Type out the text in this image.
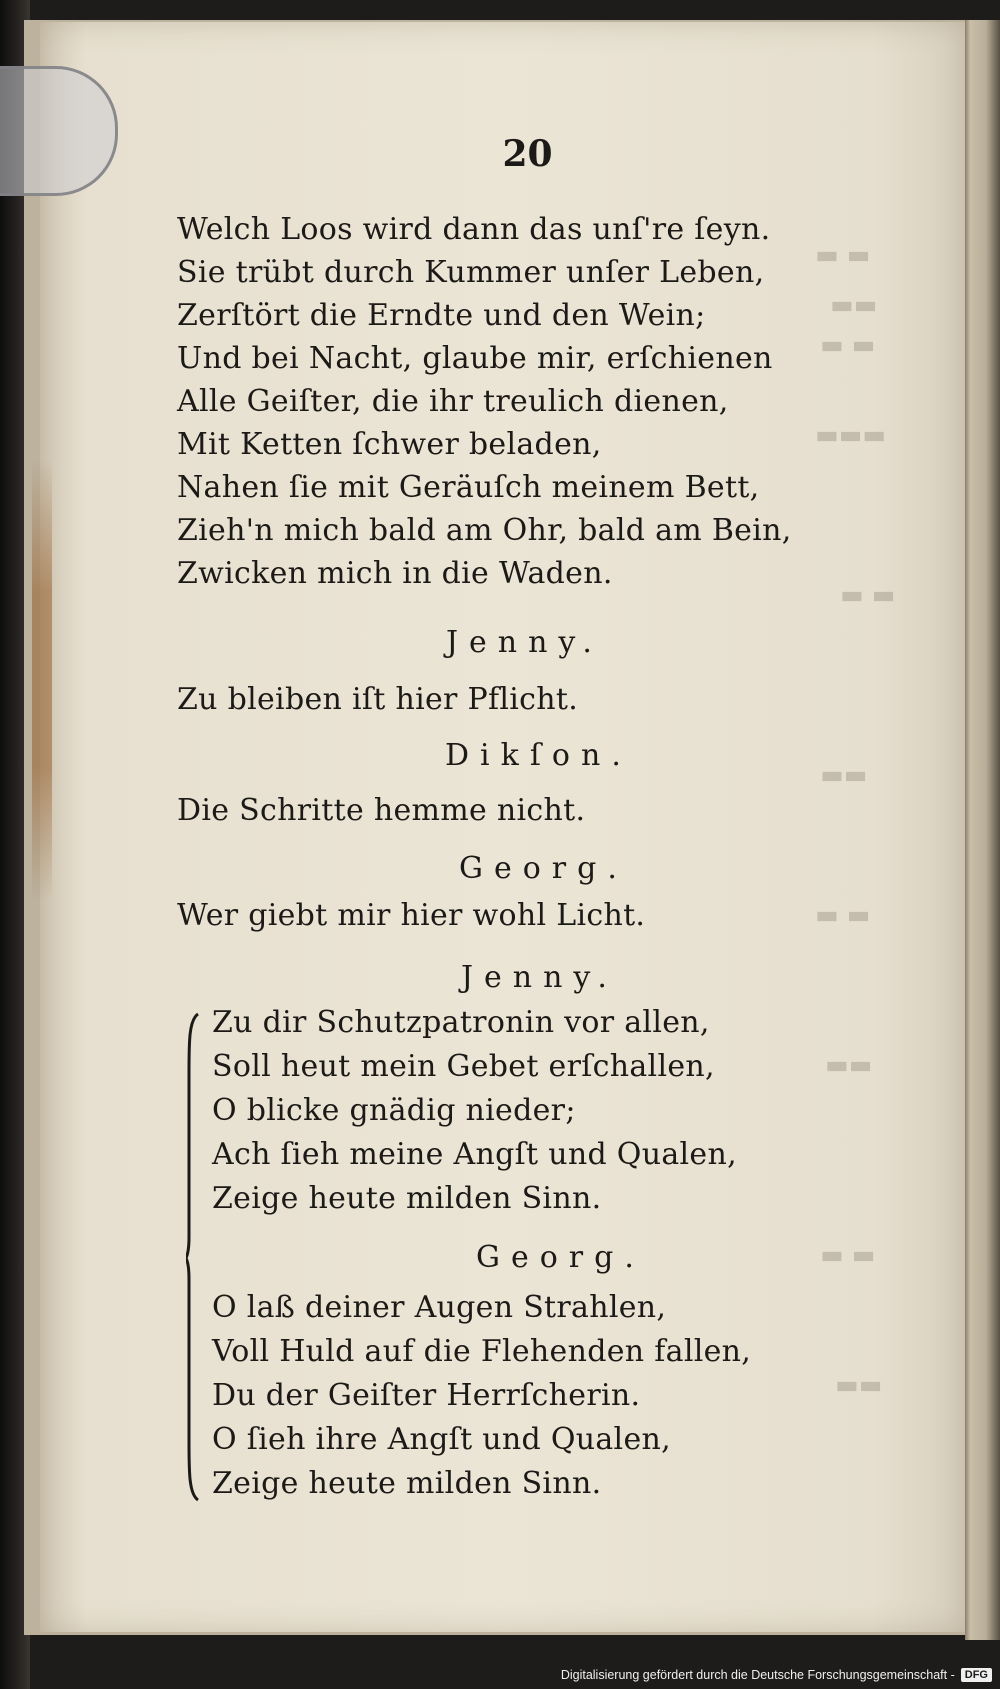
▬ ▬
▬▬
▬ ▬
▬▬▬
▬ ▬
▬▬
▬ ▬
▬▬
▬ ▬
▬▬
20
Welch Loos wird dann das unſ're ſeyn.
Sie trübt durch Kummer unſer Leben,
Zerſtört die Erndte und den Wein;
Und bei Nacht, glaube mir, erſchienen
Alle Geiſter, die ihr treulich dienen,
Mit Ketten ſchwer beladen,
Nahen ſie mit Geräuſch meinem Bett,
Zieh'n mich bald am Ohr, bald am Bein,
Zwicken mich in die Waden.
Jenny.
Zu bleiben iſt hier Pflicht.
Dikſon.
Die Schritte hemme nicht.
Georg.
Wer giebt mir hier wohl Licht.
Jenny.
Zu dir Schutzpatronin vor allen,
Soll heut mein Gebet erſchallen,
O blicke gnädig nieder;
Ach ſieh meine Angſt und Qualen,
Zeige heute milden Sinn.
Georg.
O laß deiner Augen Strahlen,
Voll Huld auf die Flehenden fallen,
Du der Geiſter Herrſcherin.
O ſieh ihre Angſt und Qualen,
Zeige heute milden Sinn.
Digitalisierung gefördert durch die Deutsche Forschungsgemeinschaft - DFG
